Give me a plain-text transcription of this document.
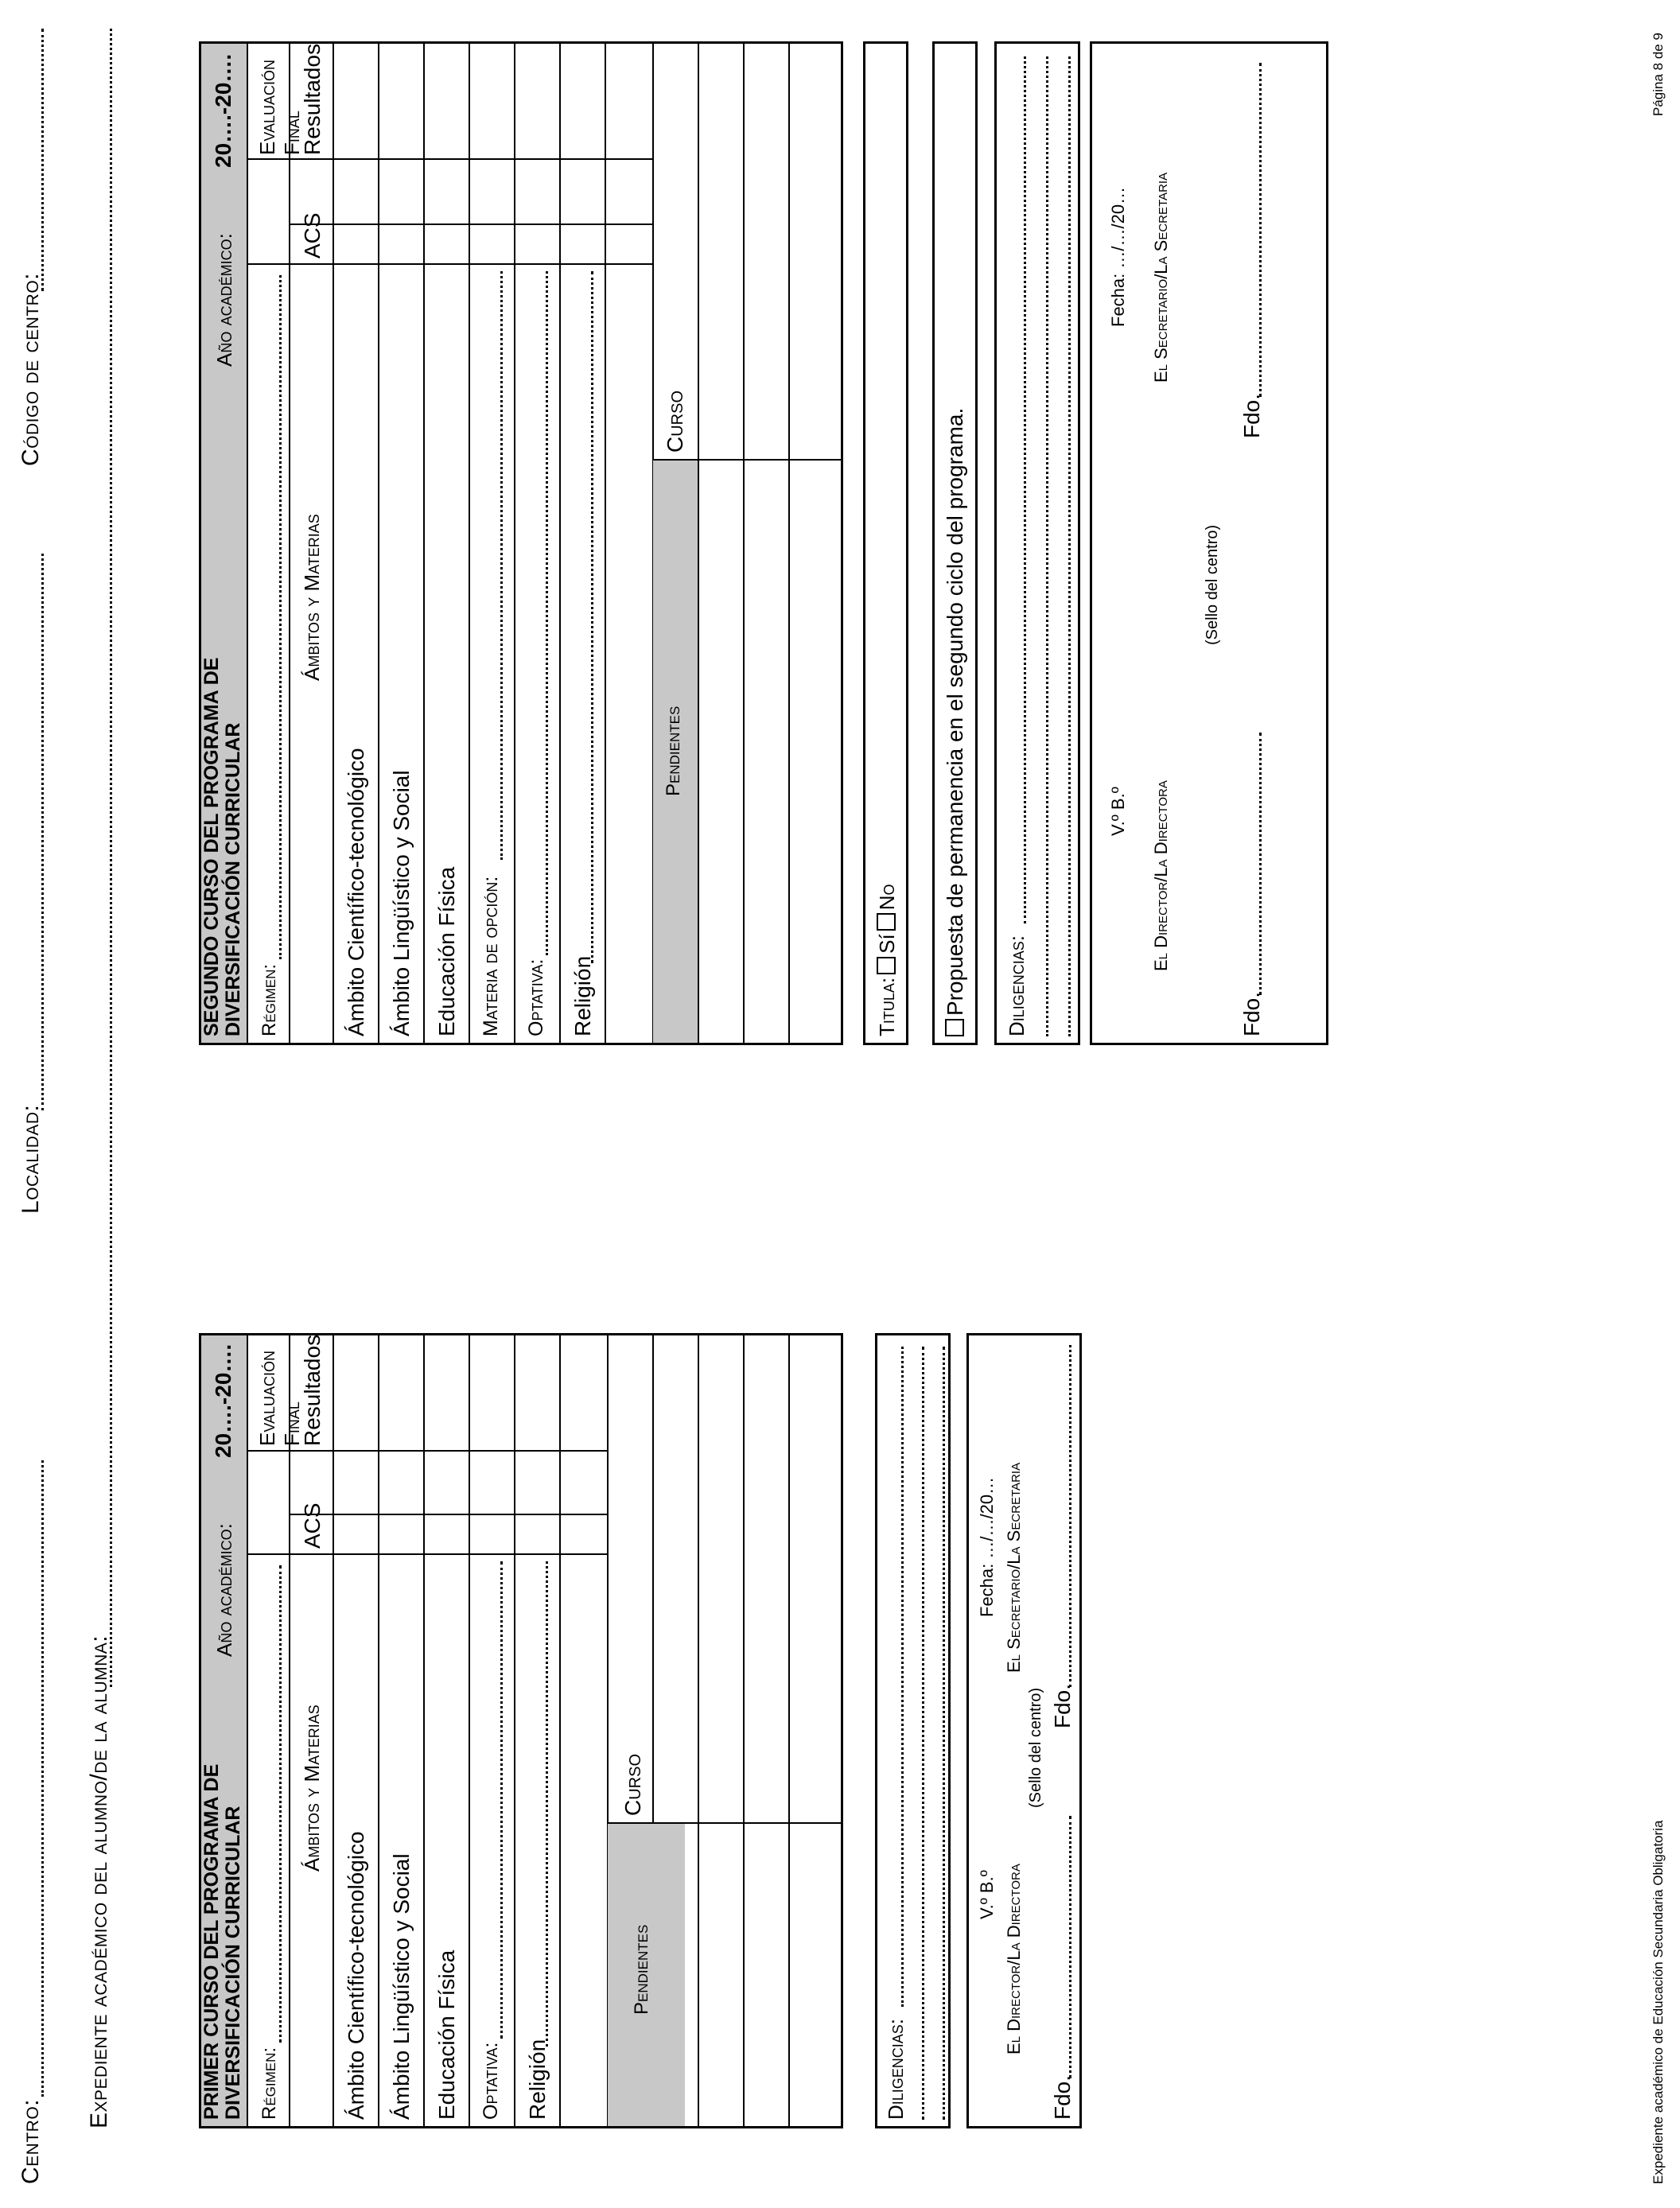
Centro:
Localidad:
Código de centro:
Expediente académico del alumno/de la alumna:	PRIMER CURSO DEL PROGRAMA DE
DIVERSIFICACIÓN CURRICULAR
Año académico:
20….-20….
Régimen:
Evaluación Final
Ámbitos y Materias
ACS
Resultados
Ámbito Científico-tecnológico Ámbito Lingüístico y Social Educación Física Optativa: Religión
Pendientes
Curso
Diligencias:
V.º B.º
Fecha: …/…/20…
El Director/La Directora
El Secretario/La Secretaria
(Sello del centro)
Fdo.
Fdo.
SEGUNDO CURSO DEL PROGRAMA DE
DIVERSIFICACIÓN CURRICULAR
Año académico:
20….-20….
Régimen:
Evaluación Final
Ámbitos y Materias
ACS
Resultados
Ámbito Científico-tecnológico Ámbito Lingüístico y Social Educación Física Materia de opción: Optativa: Religión
Pendientes
Curso
Titula:SíNo Propuesta de permanencia en el segundo ciclo del programa. Diligencias:
V.º B.º
Fecha: …/…/20…
El Director/La Directora
El Secretario/La Secretaria
(Sello del centro)
Fdo.
Fdo.
Expediente académico de Educación Secundaria Obligatoria
Página 8 de 9
